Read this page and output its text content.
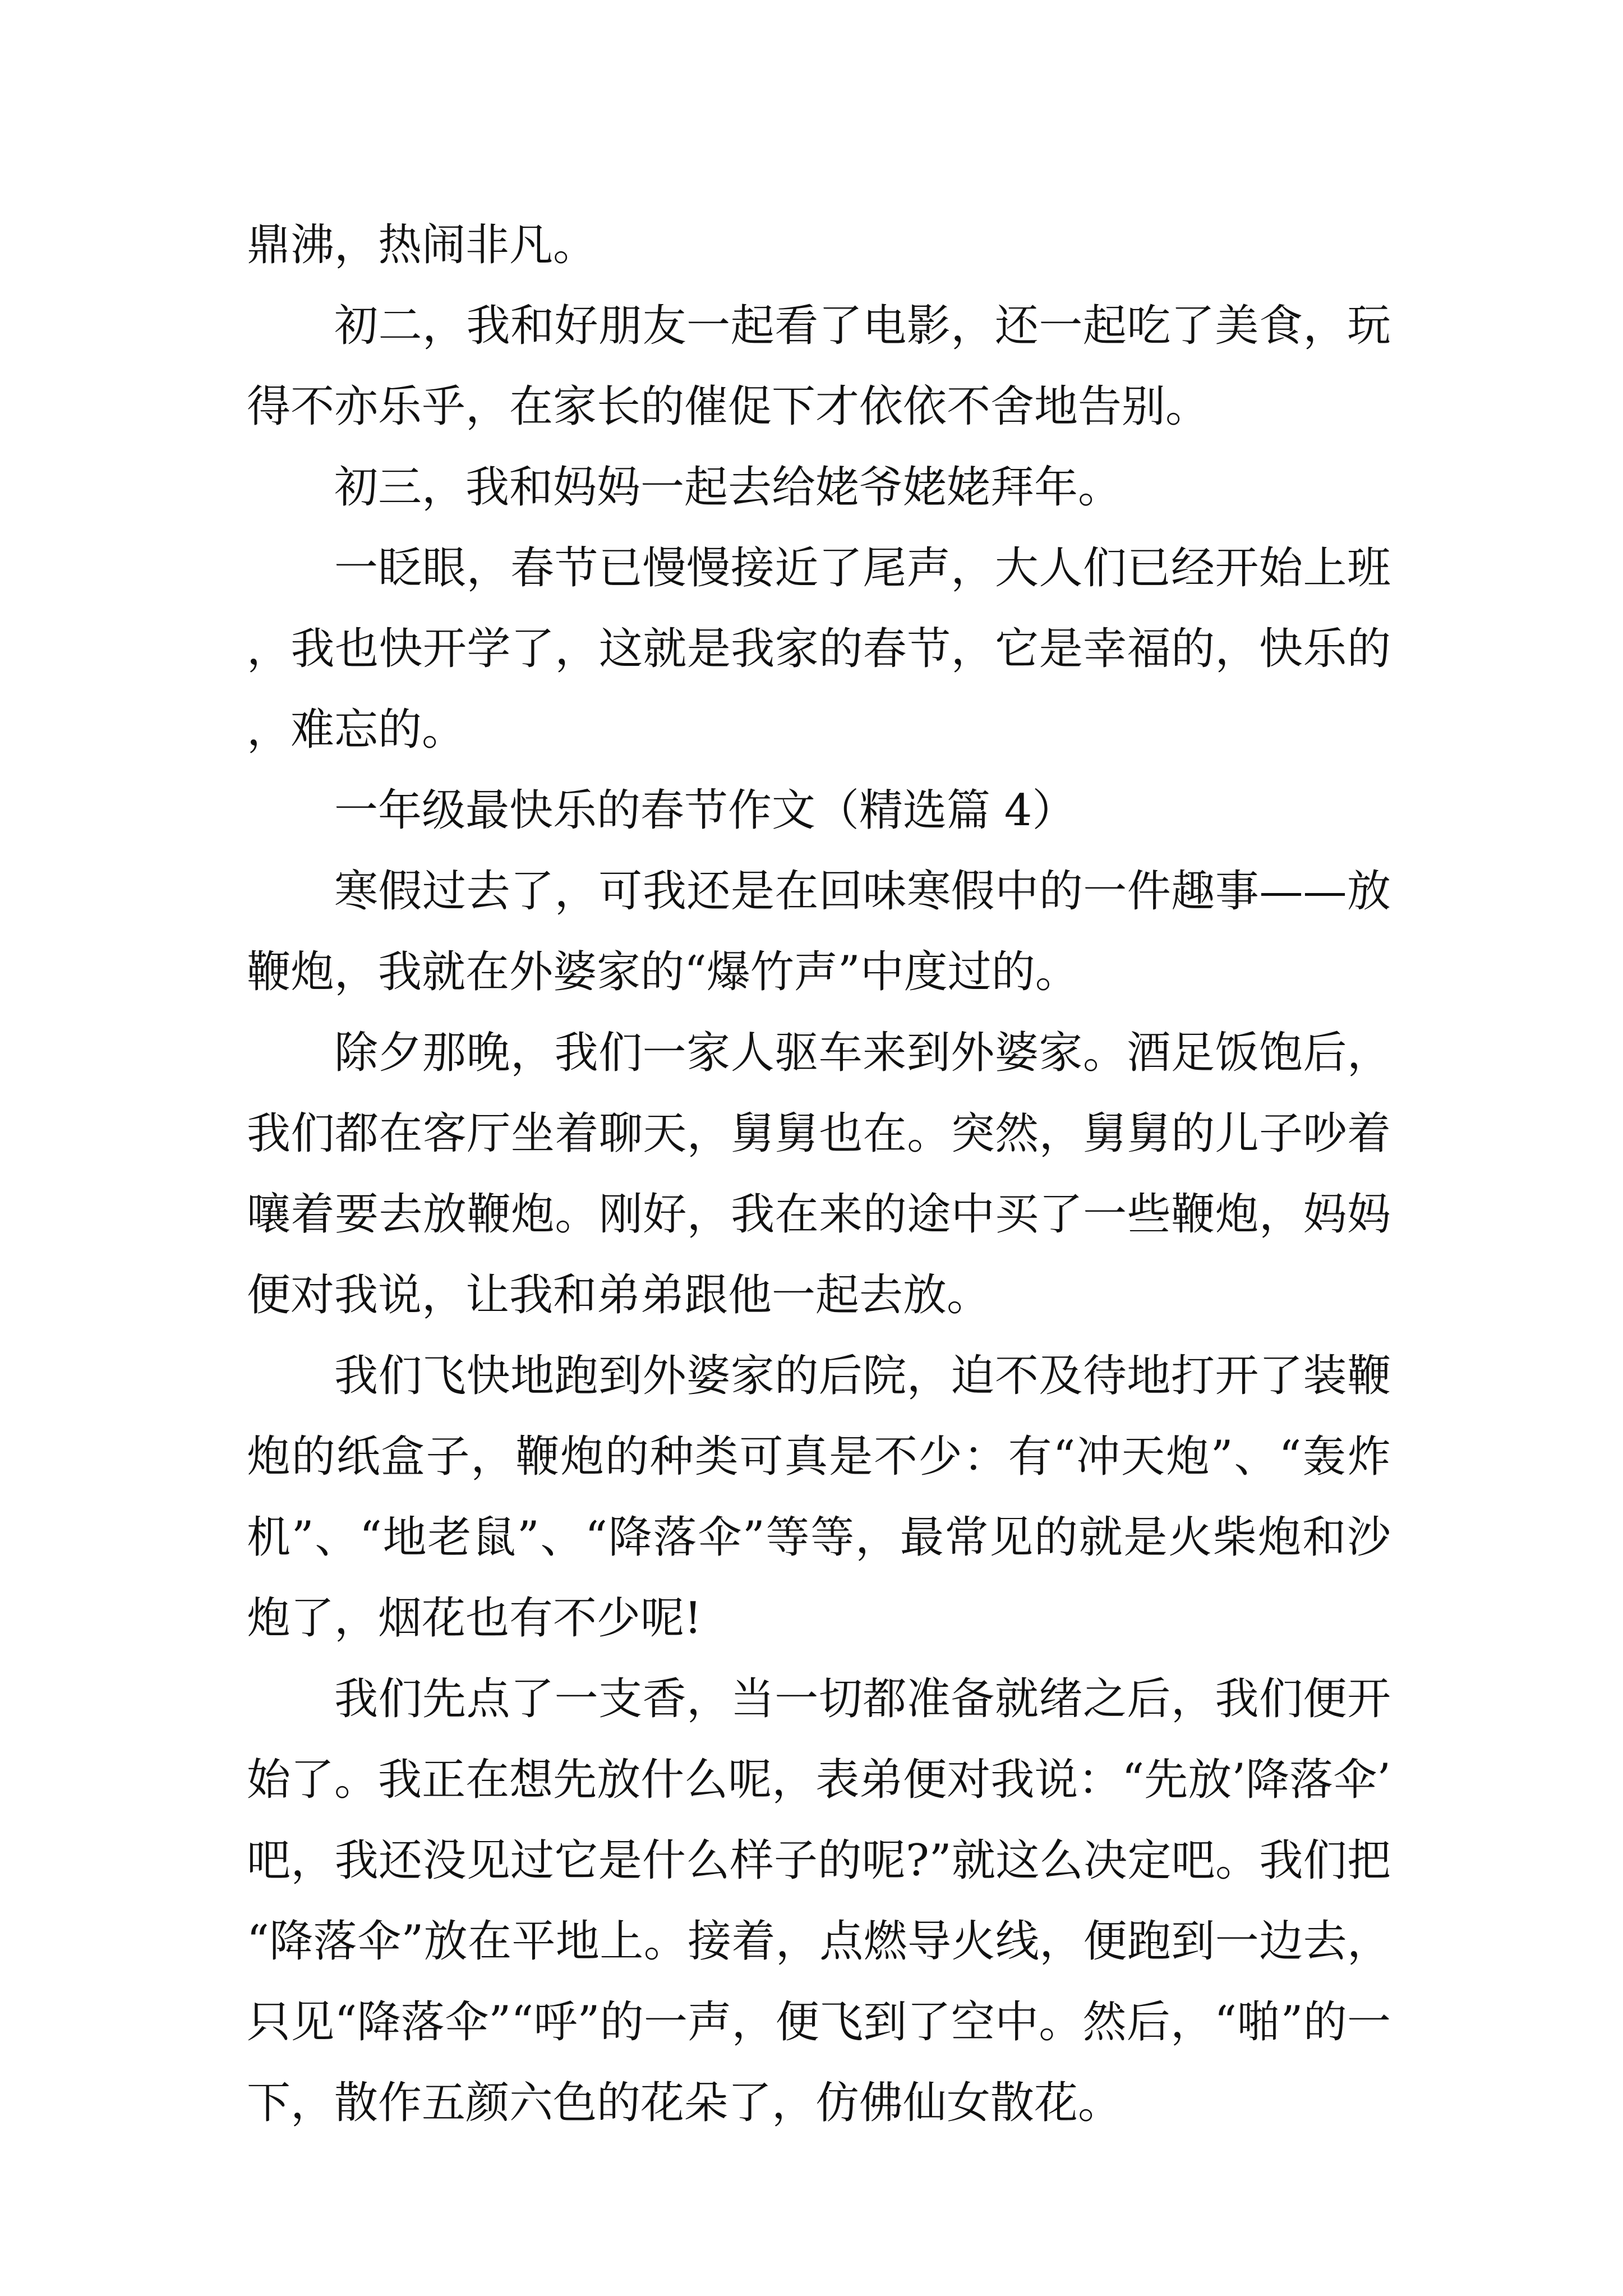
鼎沸，热闹非凡。

初二，我和好朋友一起看了电影，还一起吃了美食，玩得不亦乐乎，在家长的催促下才依依不舍地告别。

初三，我和妈妈一起去给姥爷姥姥拜年。

一眨眼，春节已慢慢接近了尾声，大人们已经开始上班，我也快开学了，这就是我家的春节，它是幸福的，快乐的，难忘的。

一年级最快乐的春节作文（精选篇 4）

寒假过去了，可我还是在回味寒假中的一件趣事——放鞭炮，我就在外婆家的“爆竹声”中度过的。

除夕那晚，我们一家人驱车来到外婆家。酒足饭饱后，我们都在客厅坐着聊天，舅舅也在。突然，舅舅的儿子吵着嚷着要去放鞭炮。刚好，我在来的途中买了一些鞭炮，妈妈便对我说，让我和弟弟跟他一起去放。

我们飞快地跑到外婆家的后院，迫不及待地打开了装鞭炮的纸盒子，鞭炮的种类可真是不少：有“冲天炮”、“轰炸机”、“地老鼠”、“降落伞”等等，最常见的就是火柴炮和沙炮了，烟花也有不少呢!

我们先点了一支香，当一切都准备就绪之后，我们便开始了。我正在想先放什么呢，表弟便对我说：“先放’降落伞’吧，我还没见过它是什么样子的呢?”就这么决定吧。我们把“降落伞”放在平地上。接着，点燃导火线，便跑到一边去，只见“降落伞”“呼”的一声，便飞到了空中。然后，“啪”的一下，散作五颜六色的花朵了，仿佛仙女散花。
